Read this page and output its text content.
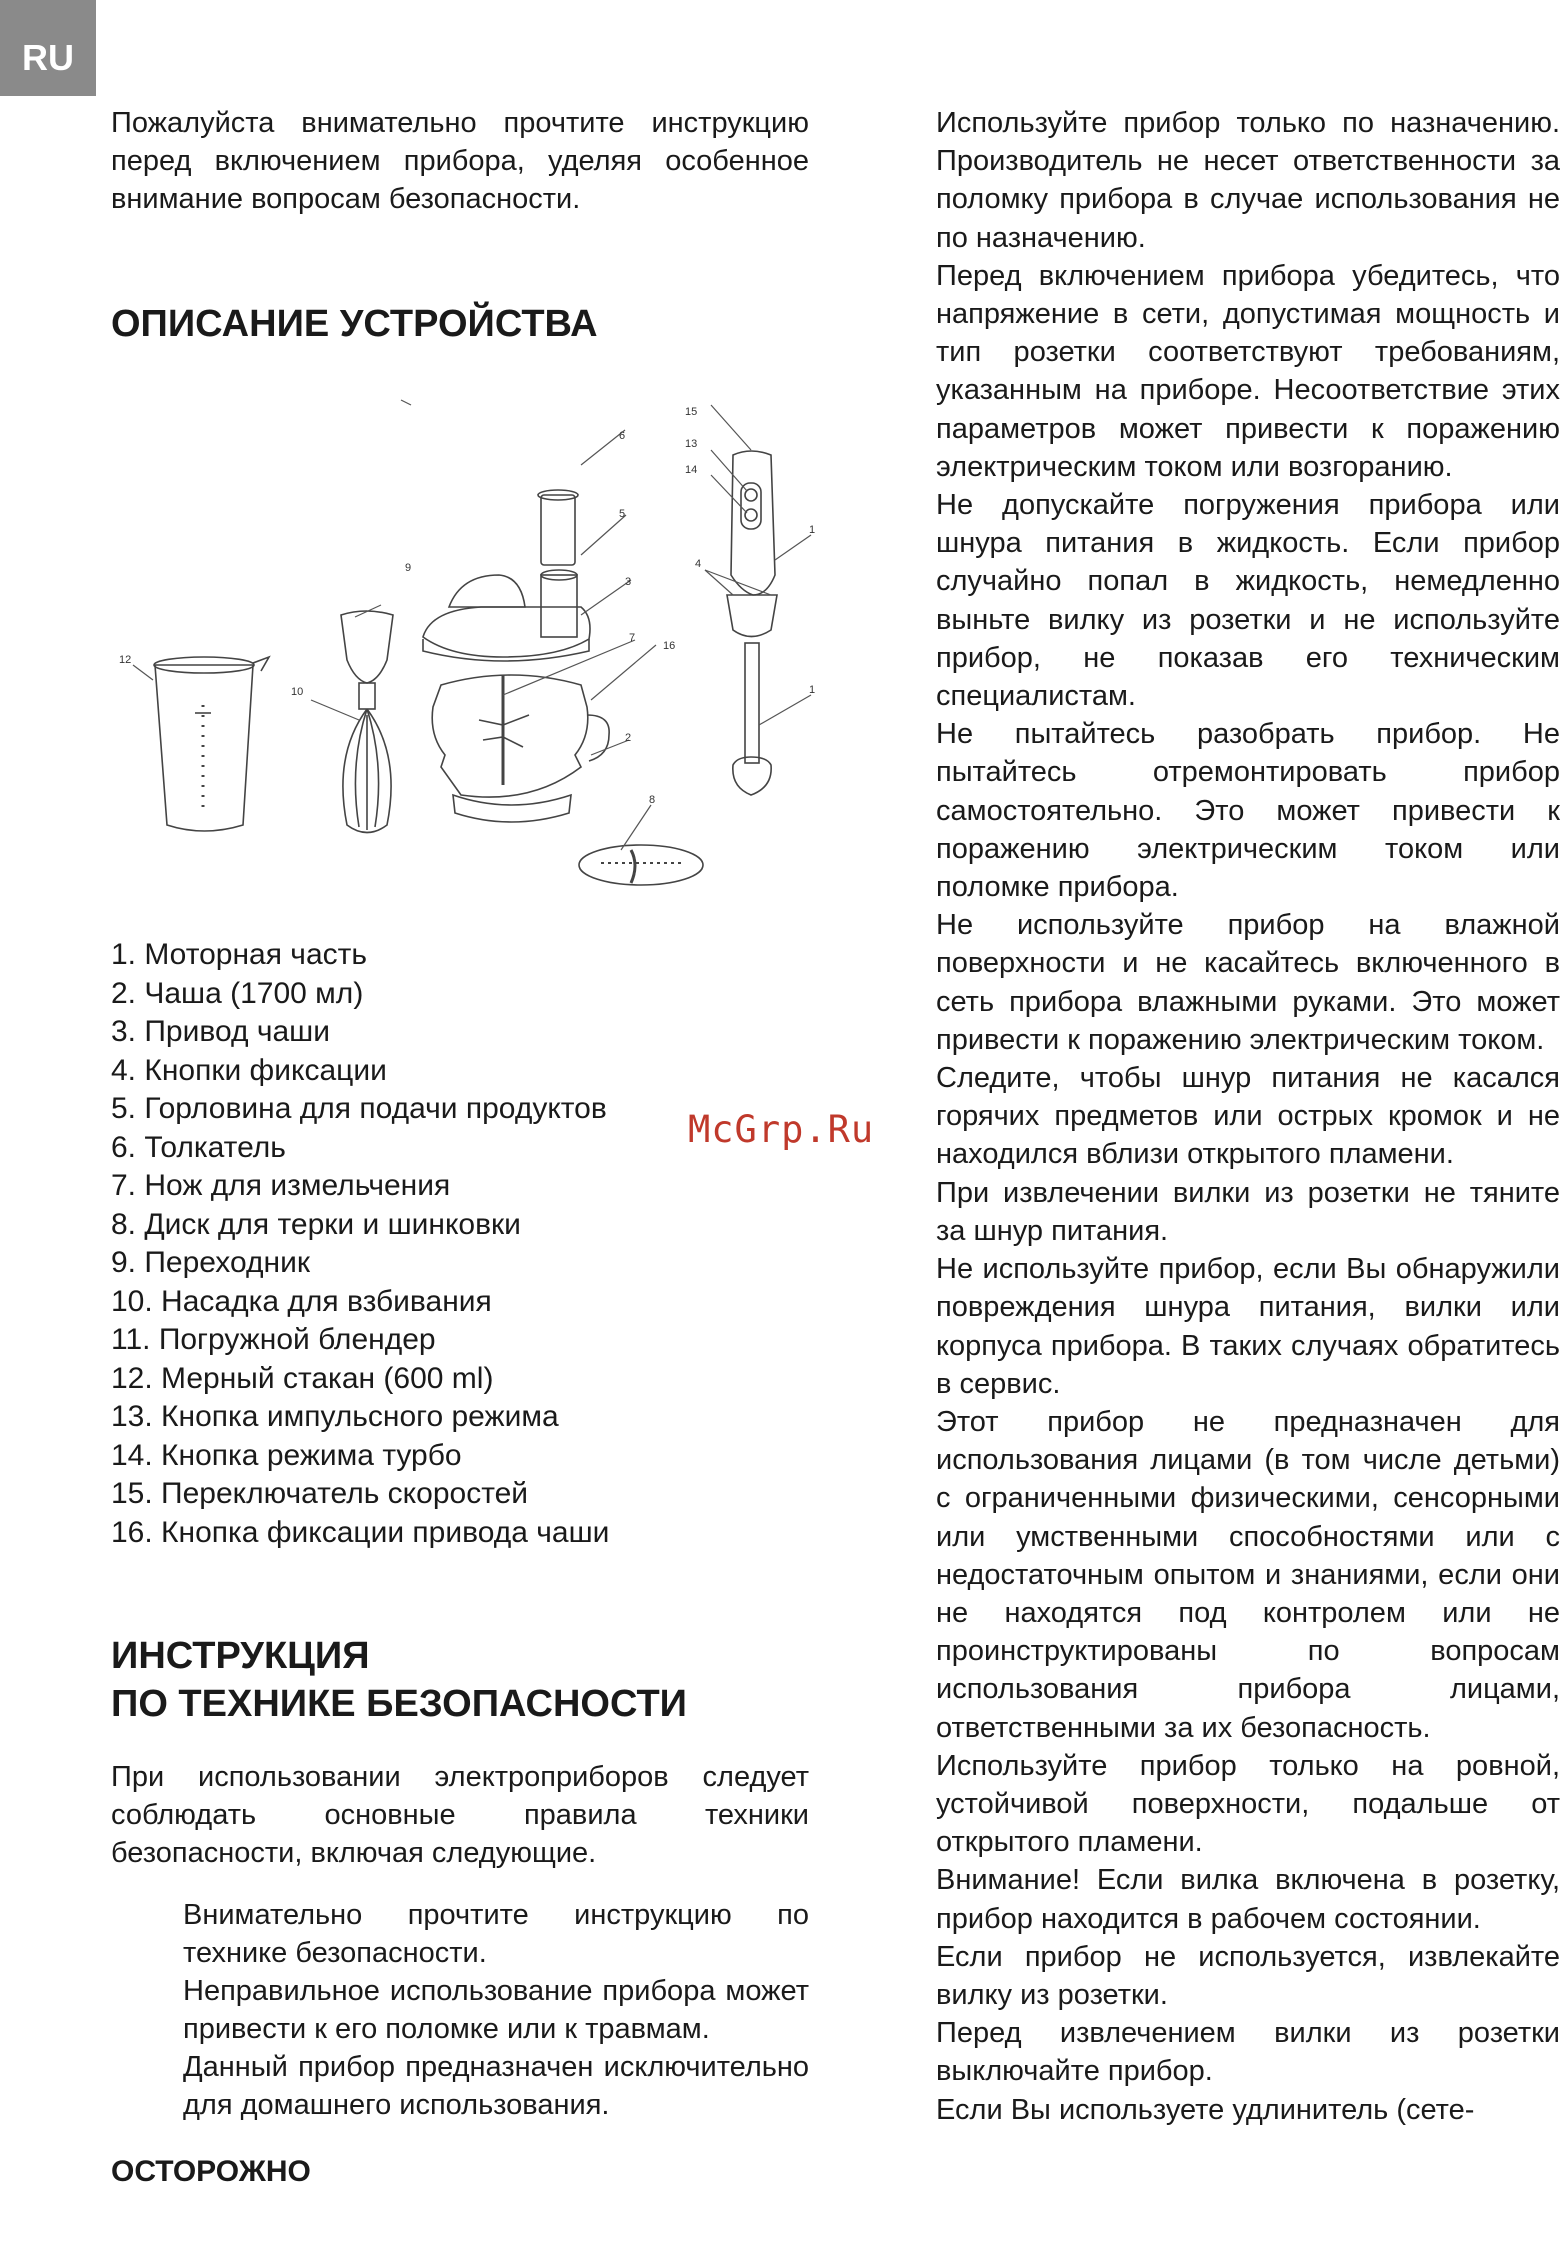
RU

Пожалуйста внимательно прочтите инструкцию перед включением прибора, уделяя особенное внимание вопросам безопасности.

ОПИСАНИЕ УСТРОЙСТВА
12
10
9
6
5
3
7
16
2
8
15
13
14
4
1
1
1. Моторная часть
2. Чаша (1700 мл)
3. Привод чаши
4. Кнопки фиксации
5. Горловина для подачи продуктов
6. Толкатель
7. Нож для измельчения
8. Диск для терки и шинковки
9. Переходник
10. Насадка для взбивания
11. Погружной блендер
12. Мерный стакан (600 ml)
13. Кнопка импульсного режима
14. Кнопка режима турбо
15. Переключатель скоростей
16. Кнопка фиксации привода чаши
McGrp.Ru
ИНСТРУКЦИЯ
ПО ТЕХНИКЕ БЕЗОПАСНОСТИ

При использовании электроприборов следует соблюдать основные правила техники безопасности, включая следующие.

Внимательно прочтите инструкцию по технике безопасности.

Неправильное использование прибора может привести к его поломке или к травмам.

Данный прибор предназначен исключительно для домашнего использования.

ОСТОРОЖНО

Используйте прибор только по назначению. Производитель не несет ответственности за поломку прибора в случае использования не по назначению.

Перед включением прибора убедитесь, что напряжение в сети, допустимая мощность и тип розетки соответствуют требованиям, указанным на приборе. Несоответствие этих параметров может привести к поражению электрическим током или возгоранию.

Не допускайте погружения прибора или шнура питания в жидкость. Если прибор случайно попал в жидкость, немедленно выньте вилку из розетки и не используйте прибор, не показав его техническим специалистам.

Не пытайтесь разобрать прибор. Не пытайтесь отремонтировать прибор самостоятельно. Это может привести к поражению электрическим током или поломке прибора.

Не используйте прибор на влажной поверхности и не касайтесь включенного в сеть прибора влажными руками. Это может привести к поражению электрическим током.

Следите, чтобы шнур питания не касался горячих предметов или острых кромок и не находился вблизи открытого пламени.

При извлечении вилки из розетки не тяните за шнур питания.

Не используйте прибор, если Вы обнаружили повреждения шнура питания, вилки или корпуса прибора. В таких случаях обратитесь в сервис.

Этот прибор не предназначен для использования лицами (в том числе детьми) с ограниченными физическими, сенсорными или умственными способностями или с недостаточным опытом и знаниями, если они не находятся под контролем или не проинструктированы по вопросам использования прибора лицами, ответственными за их безопасность.

Используйте прибор только на ровной, устойчивой поверхности, подальше от открытого пламени.

Внимание! Если вилка включена в розетку, прибор находится в рабочем состоянии.

Если прибор не используется, извлекайте вилку из розетки.

Перед извлечением вилки из розетки выключайте прибор.

Если Вы используете удлинитель (сете-
